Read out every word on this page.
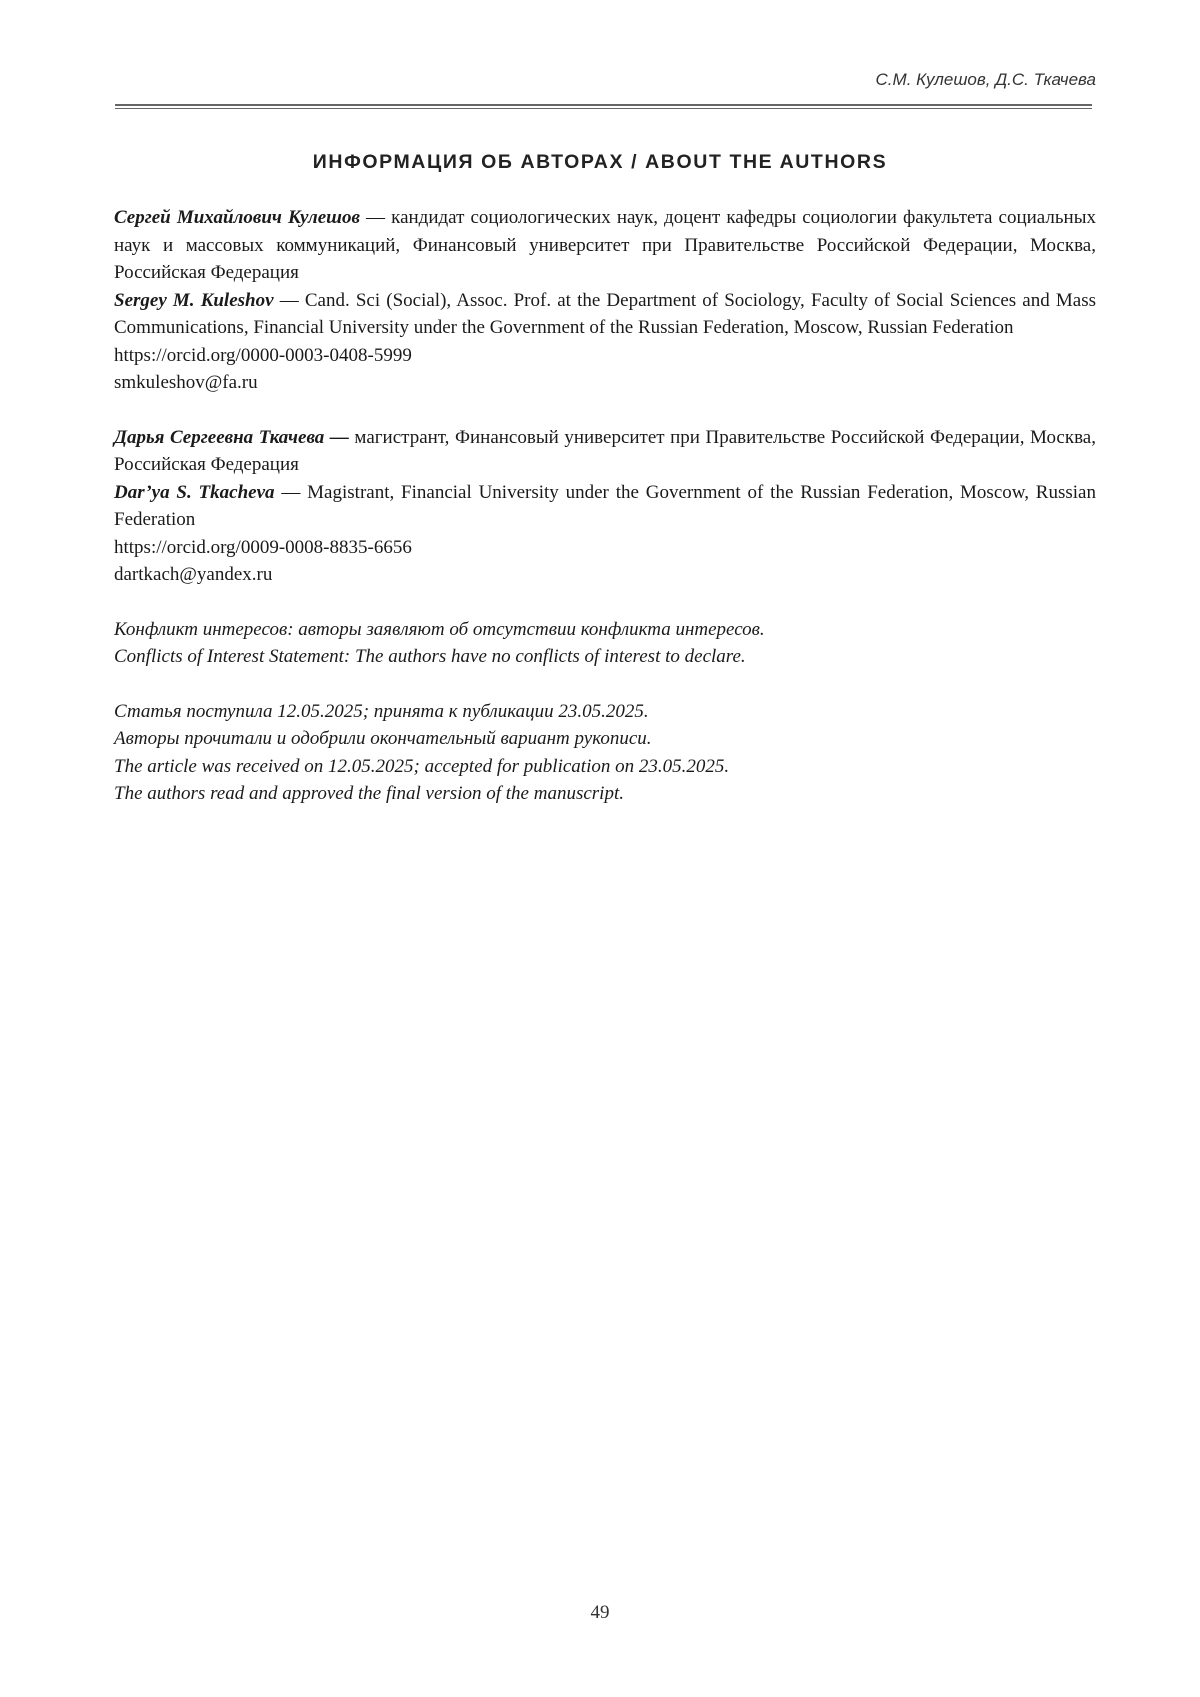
С.М. Кулешов, Д.С. Ткачева
ИНФОРМАЦИЯ ОБ АВТОРАХ / ABOUT THE AUTHORS

Сергей Михайлович Кулешов — кандидат социологических наук, доцент кафедры социологии факультета социальных наук и массовых коммуникаций, Финансовый университет при Правительстве Российской Федерации, Москва, Российская Федерация

Sergey M. Kuleshov — Cand. Sci (Social), Assoc. Prof. at the Department of Sociology, Faculty of Social Sciences and Mass Communications, Financial University under the Government of the Russian Federation, Moscow, Russian Federation

https://orcid.org/0000-0003-0408-5999

smkuleshov@fa.ru

Дарья Сергеевна Ткачева — магистрант, Финансовый университет при Правительстве Российской Федерации, Москва, Российская Федерация

Dar’ya S. Tkacheva — Magistrant, Financial University under the Government of the Russian Federation, Moscow, Russian Federation

https://orcid.org/0009-0008-8835-6656

dartkach@yandex.ru

Конфликт интересов: авторы заявляют об отсутствии конфликта интересов.

Conflicts of Interest Statement: The authors have no conflicts of interest to declare.

Статья поступила 12.05.2025; принята к публикации 23.05.2025.

Авторы прочитали и одобрили окончательный вариант рукописи.

The article was received on 12.05.2025; accepted for publication on 23.05.2025.

The authors read and approved the final version of the manuscript.

49
